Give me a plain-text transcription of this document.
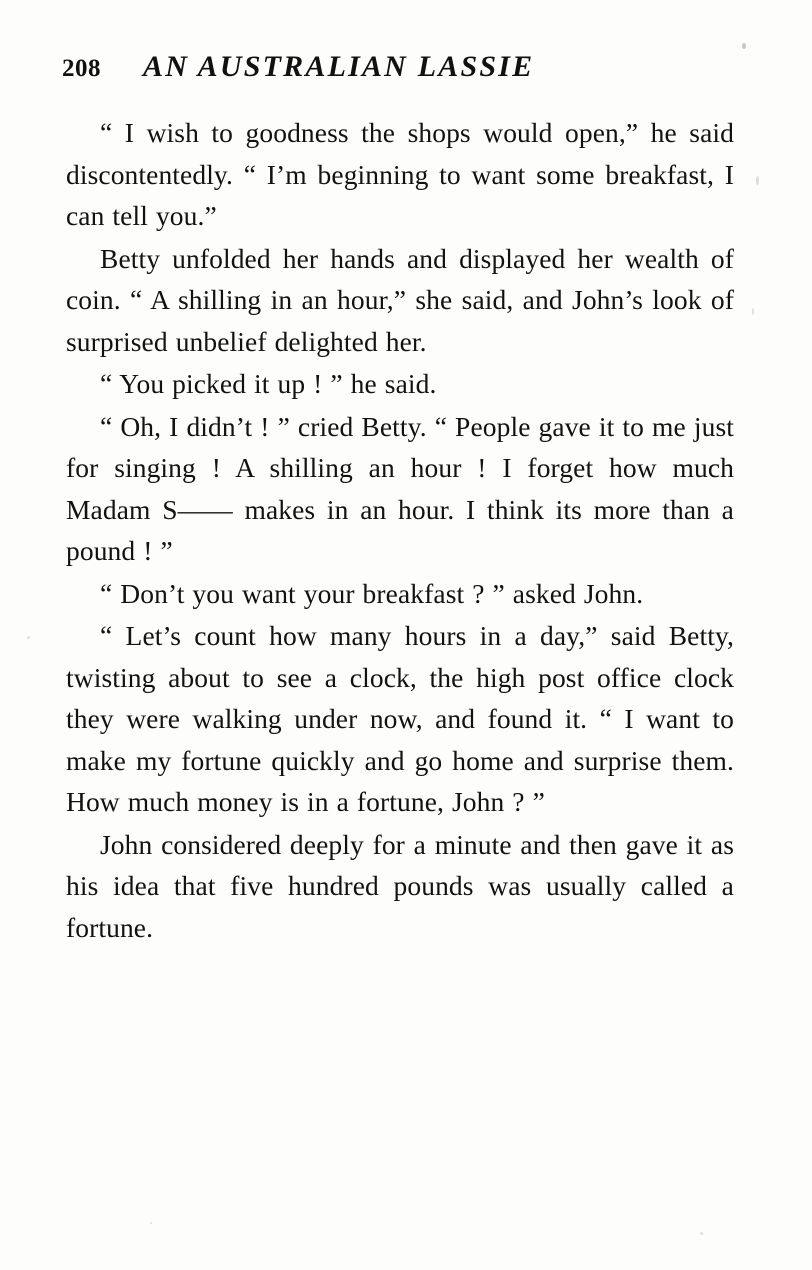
208 AN AUSTRALIAN LASSIE

“ I wish to goodness the shops would open,” he said discontentedly. “ I’m beginning to want some breakfast, I can tell you.”

Betty unfolded her hands and displayed her wealth of coin. “ A shilling in an hour,” she said, and John’s look of surprised unbelief delighted her.

“ You picked it up ! ” he said.

“ Oh, I didn’t ! ” cried Betty. “ People gave it to me just for singing ! A shilling an hour ! I forget how much Madam S—— makes in an hour. I think its more than a pound ! ”

“ Don’t you want your breakfast ? ” asked John.

“ Let’s count how many hours in a day,” said Betty, twisting about to see a clock, the high post office clock they were walking under now, and found it. “ I want to make my fortune quickly and go home and surprise them. How much money is in a fortune, John ? ”

John considered deeply for a minute and then gave it as his idea that five hundred pounds was usually called a fortune.
